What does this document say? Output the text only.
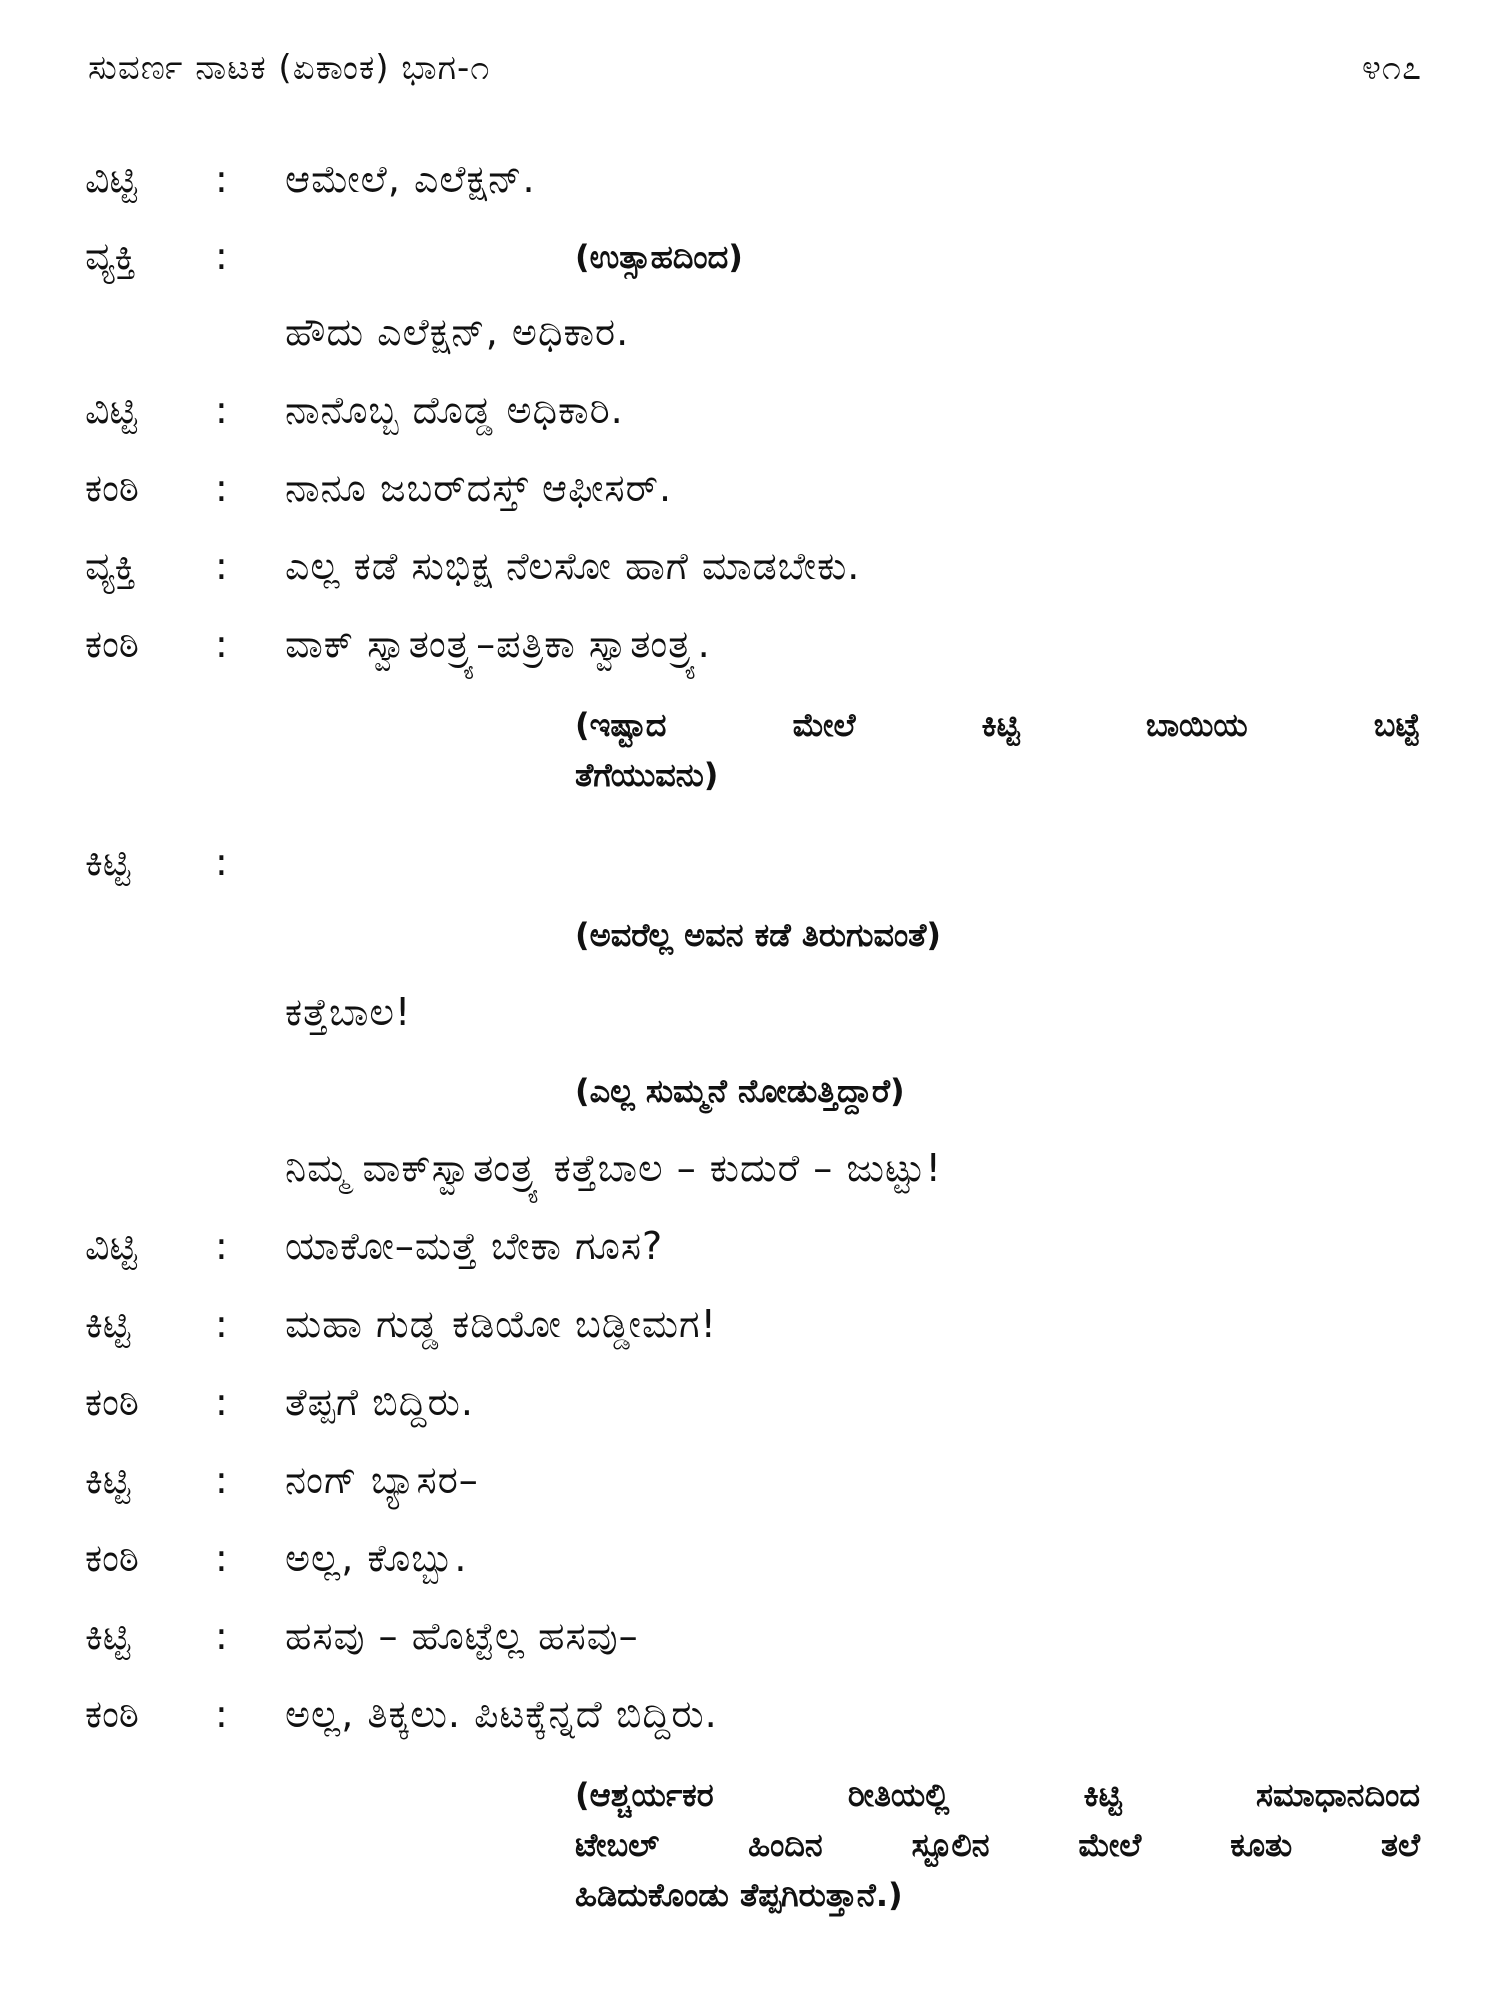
ಸುವರ್ಣ ನಾಟಕ (ಏಕಾಂಕ) ಭಾಗ-೧	೪೧೭
ವಿಟ್ಟಿ : ಆಮೇಲೆ, ಎಲೆಕ್ಷನ್.
ವ್ಯಕ್ತಿ :	(ಉತ್ಸಾಹದಿಂದ)
ಹೌದು ಎಲೆಕ್ಷನ್, ಅಧಿಕಾರ.
ವಿಟ್ಟಿ : ನಾನೊಬ್ಬ ದೊಡ್ಡ ಅಧಿಕಾರಿ.
ಕಂಠಿ : ನಾನೂ ಜಬರ್‌ದಸ್ತ್ ಆಫೀಸರ್.
ವ್ಯಕ್ತಿ : ಎಲ್ಲ ಕಡೆ ಸುಭಿಕ್ಷ ನೆಲಸೋ ಹಾಗೆ ಮಾಡಬೇಕು.
ಕಂಠಿ : ವಾಕ್ ಸ್ವಾತಂತ್ರ್ಯ–ಪತ್ರಿಕಾ ಸ್ವಾತಂತ್ರ್ಯ.
(ಇಷ್ಟಾದ ಮೇಲೆ ಕಿಟ್ಟಿ ಬಾಯಿಯ ಬಟ್ಟೆ
ತೆಗೆಯುವನು)
ಕಿಟ್ಟಿ :
(ಅವರೆಲ್ಲ ಅವನ ಕಡೆ ತಿರುಗುವಂತೆ)
ಕತ್ತೆಬಾಲ!
(ಎಲ್ಲ ಸುಮ್ಮನೆ ನೋಡುತ್ತಿದ್ದಾರೆ)
ನಿಮ್ಮ ವಾಕ್‌ಸ್ವಾತಂತ್ರ್ಯ ಕತ್ತೆಬಾಲ – ಕುದುರೆ – ಜುಟ್ಟು!
ವಿಟ್ಟಿ : ಯಾಕೋ–ಮತ್ತೆ ಬೇಕಾ ಗೂಸ?
ಕಿಟ್ಟಿ : ಮಹಾ ಗುಡ್ಡ ಕಡಿಯೋ ಬಡ್ಡೀಮಗ!
ಕಂಠಿ : ತೆಪ್ಪಗೆ ಬಿದ್ದಿರು.
ಕಿಟ್ಟಿ : ನಂಗ್ ಬ್ಯಾಸರ–
ಕಂಠಿ : ಅಲ್ಲ, ಕೊಬ್ಬು.
ಕಿಟ್ಟಿ : ಹಸವು – ಹೊಟ್ಟೆಲ್ಲ ಹಸವು–
ಕಂಠಿ : ಅಲ್ಲ, ತಿಕ್ಕಲು. ಪಿಟಕ್ಕೆನ್ನದೆ ಬಿದ್ದಿರು.
(ಆಶ್ಚರ್ಯಕರ ರೀತಿಯಲ್ಲಿ ಕಿಟ್ಟಿ ಸಮಾಧಾನದಿಂದ
ಟೇಬಲ್ ಹಿಂದಿನ ಸ್ಟೂಲಿನ ಮೇಲೆ ಕೂತು ತಲೆ
ಹಿಡಿದುಕೊಂಡು ತೆಪ್ಪಗಿರುತ್ತಾನೆ.)
